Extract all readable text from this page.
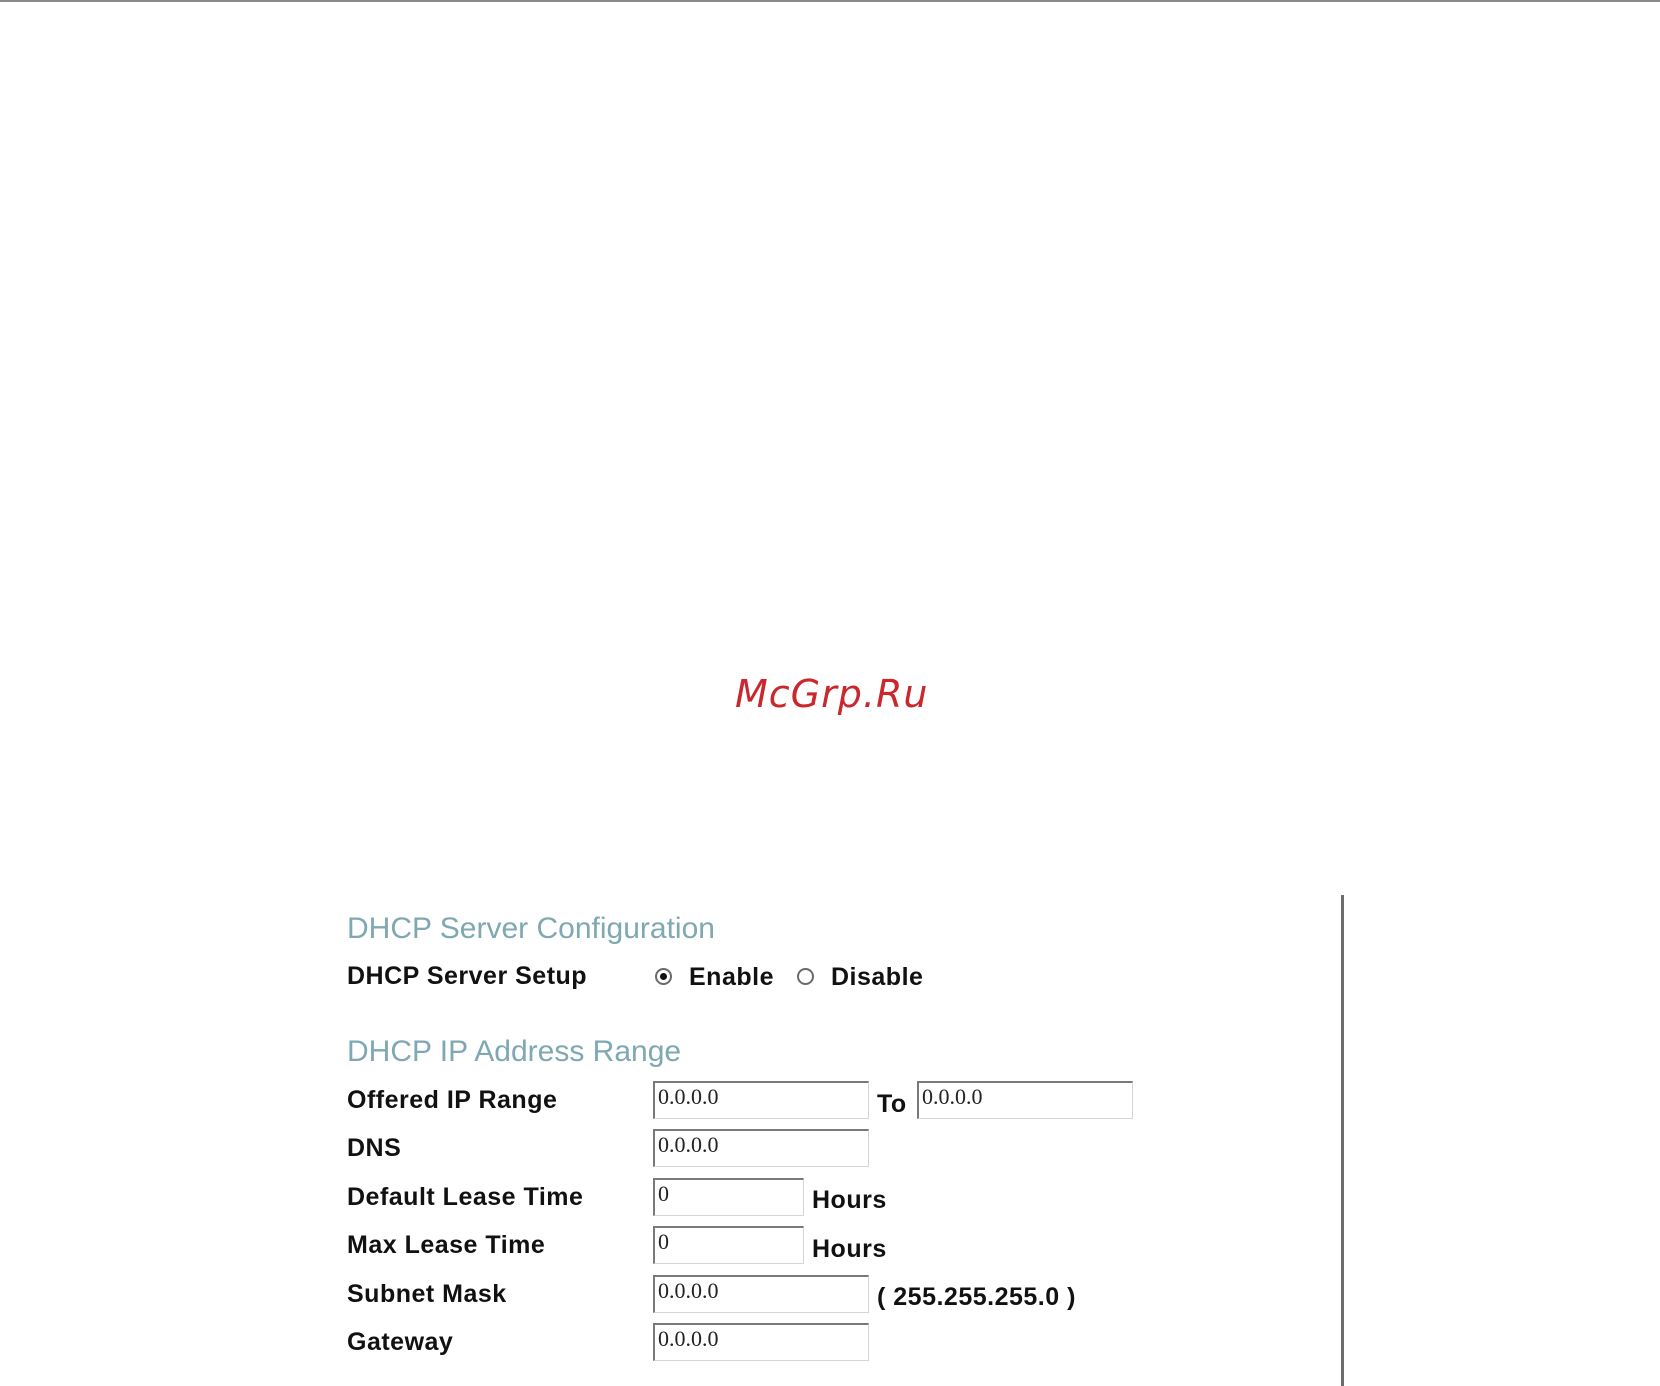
McGrp.Ru
DHCP Server Configuration
DHCP Server Setup	Enable Disable
DHCP IP Address Range
Offered IP Range	0.0.0.0	To 0.0.0.0
DNS	0.0.0.0
Default Lease Time	0	Hours
Max Lease Time	0	Hours
Subnet Mask	0.0.0.0	( 255.255.255.0 )
Gateway	0.0.0.0
